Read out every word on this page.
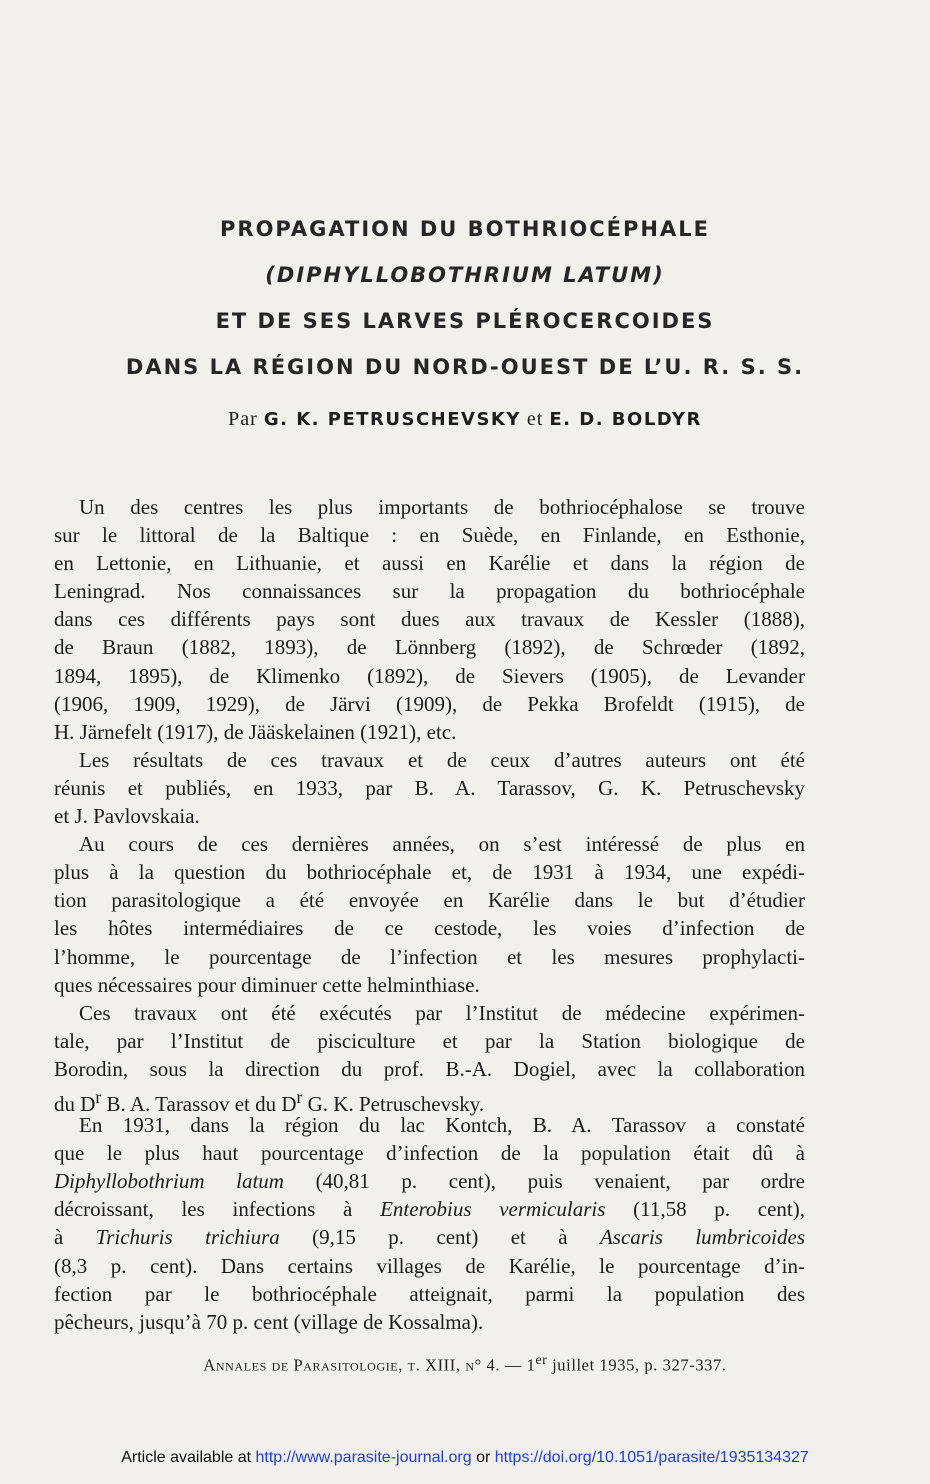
PROPAGATION DU BOTHRIOCÉPHALE
(DIPHYLLOBOTHRIUM LATUM)
ET DE SES LARVES PLÉROCERCOIDES
DANS LA RÉGION DU NORD-OUEST DE L’U. R. S. S.
Par G. K. PETRUSCHEVSKY et E. D. BOLDYR
Un des centres les plus importants de bothriocéphalose se trouve
sur le littoral de la Baltique : en Suède, en Finlande, en Esthonie,
en Lettonie, en Lithuanie, et aussi en Karélie et dans la région de
Leningrad. Nos connaissances sur la propagation du bothriocéphale
dans ces différents pays sont dues aux travaux de Kessler (1888),
de Braun (1882, 1893), de Lönnberg (1892), de Schrœder (1892,
1894, 1895), de Klimenko (1892), de Sievers (1905), de Levander
(1906, 1909, 1929), de Järvi (1909), de Pekka Brofeldt (1915), de
H. Järnefelt (1917), de Jääskelainen (1921), etc.
Les résultats de ces travaux et de ceux d’autres auteurs ont été
réunis et publiés, en 1933, par B. A. Tarassov, G. K. Petruschevsky
et J. Pavlovskaia.
Au cours de ces dernières années, on s’est intéressé de plus en
plus à la question du bothriocéphale et, de 1931 à 1934, une expédi-
tion parasitologique a été envoyée en Karélie dans le but d’étudier
les hôtes intermédiaires de ce cestode, les voies d’infection de
l’homme, le pourcentage de l’infection et les mesures prophylacti-
ques nécessaires pour diminuer cette helminthiase.
Ces travaux ont été exécutés par l’Institut de médecine expérimen-
tale, par l’Institut de pisciculture et par la Station biologique de
Borodin, sous la direction du prof. B.-A. Dogiel, avec la collaboration
du $D^r$ B. A. Tarassov et du $D^r$ G. K. Petruschevsky.
En 1931, dans la région du lac Kontch, B. A. Tarassov a constaté
que le plus haut pourcentage d’infection de la population était dû à
Diphyllobothrium latum (40,81 p. cent), puis venaient, par ordre
décroissant, les infections à Enterobius vermicularis (11,58 p. cent),
à Trichuris trichiura (9,15 p. cent) et à Ascaris lumbricoides
(8,3 p. cent). Dans certains villages de Karélie, le pourcentage d’in-
fection par le bothriocéphale atteignait, parmi la population des
pêcheurs, jusqu’à 70 p. cent (village de Kossalma).
Annales de Parasitologie, t. XIII, n° 4. — 1er juillet 1935, p. 327-337.
Article available at http://www.parasite-journal.org or https://doi.org/10.1051/parasite/1935134327
